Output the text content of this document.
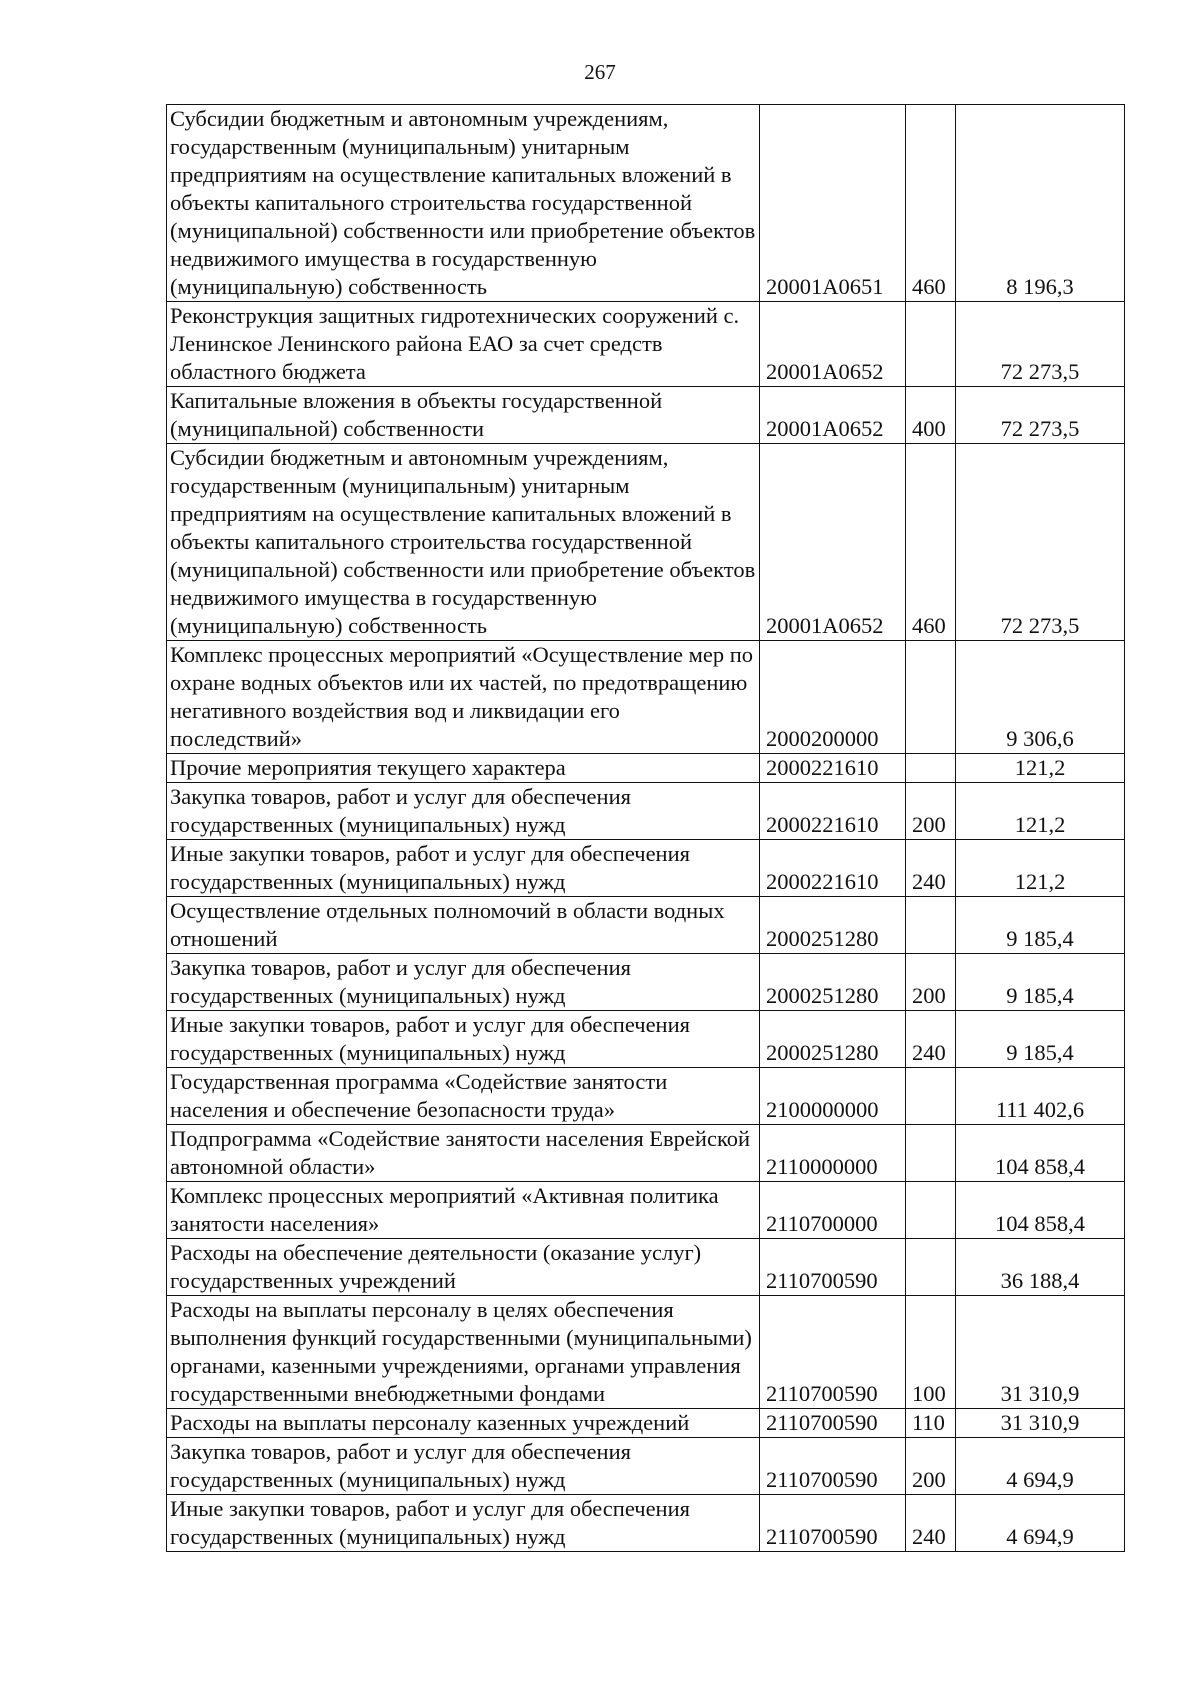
267
Субсидии бюджетным и автономным учреждениям, государственным (муниципальным) унитарным предприятиям на осуществление капитальных вложений в объекты капитального строительства государственной (муниципальной) собственности или приобретение объектов недвижимого имущества в государственную (муниципальную) собственность	20001A0651	460	8 196,3
Реконструкция защитных гидротехнических сооружений с. Ленинское Ленинского района ЕАО за счет средств областного бюджета	20001A0652		72 273,5
Капитальные вложения в объекты государственной (муниципальной) собственности	20001A0652	400	72 273,5
Субсидии бюджетным и автономным учреждениям, государственным (муниципальным) унитарным предприятиям на осуществление капитальных вложений в объекты капитального строительства государственной (муниципальной) собственности или приобретение объектов недвижимого имущества в государственную (муниципальную) собственность	20001A0652	460	72 273,5
Комплекс процессных мероприятий «Осуществление мер по охране водных объектов или их частей, по предотвращению негативного воздействия вод и ликвидации его последствий»	2000200000		9 306,6
Прочие мероприятия текущего характера	2000221610		121,2
Закупка товаров, работ и услуг для обеспечения государственных (муниципальных) нужд	2000221610	200	121,2
Иные закупки товаров, работ и услуг для обеспечения государственных (муниципальных) нужд	2000221610	240	121,2
Осуществление отдельных полномочий в области водных отношений	2000251280		9 185,4
Закупка товаров, работ и услуг для обеспечения государственных (муниципальных) нужд	2000251280	200	9 185,4
Иные закупки товаров, работ и услуг для обеспечения государственных (муниципальных) нужд	2000251280	240	9 185,4
Государственная программа «Содействие занятости населения и обеспечение безопасности труда»	2100000000		111 402,6
Подпрограмма «Содействие занятости населения Еврейской автономной области»	2110000000		104 858,4
Комплекс процессных мероприятий «Активная политика занятости населения»	2110700000		104 858,4
Расходы на обеспечение деятельности (оказание услуг) государственных учреждений	2110700590		36 188,4
Расходы на выплаты персоналу в целях обеспечения выполнения функций государственными (муниципальными) органами, казенными учреждениями, органами управления государственными внебюджетными фондами	2110700590	100	31 310,9
Расходы на выплаты персоналу казенных учреждений	2110700590	110	31 310,9
Закупка товаров, работ и услуг для обеспечения государственных (муниципальных) нужд	2110700590	200	4 694,9
Иные закупки товаров, работ и услуг для обеспечения государственных (муниципальных) нужд	2110700590	240	4 694,9
